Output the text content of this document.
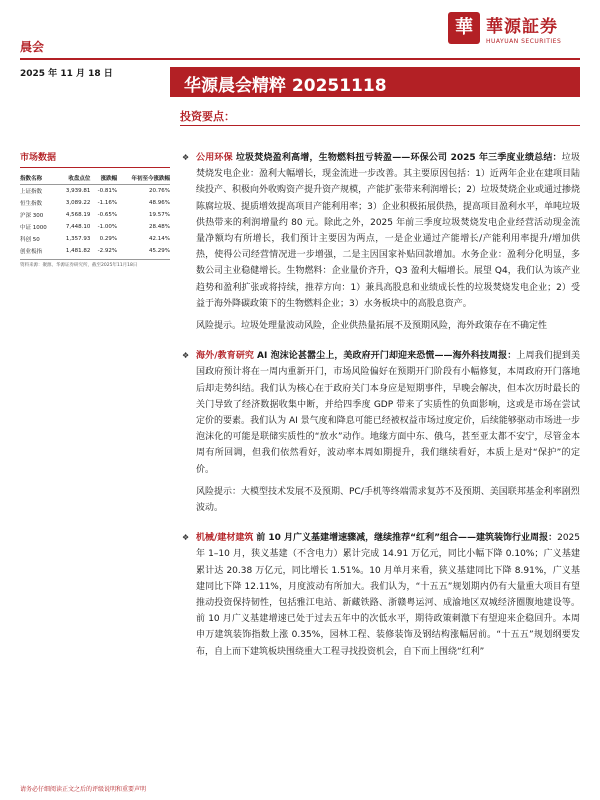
晨会
2025 年 11 月 18 日
華 華源証券
HUAYUAN SECURITIES
华源晨会精粹 20251118
投资要点：
市场数据
指数名称	收盘点位	涨跌幅	年初至今涨跌幅
上证指数	3,939.81	-0.81%	20.76%
恒生指数	3,089.22	-1.16%	48.96%
沪深 300	4,568.19	-0.65%	19.57%
中证 1000	7,448.10	-1.00%	28.48%
科创 50	1,357.93	0.29%	42.14%
创业板指	1,481.82	-2.92%	45.29%
资料来源：聚源、华源证券研究所，截至2025年11月18日
❖ 公用环保 垃圾焚烧盈利高增，生物燃料扭亏转盈——环保公司 2025 年三季度业绩总结：垃圾焚烧发电企业：盈利大幅增长，现金流进一步改善。其主要原因包括：1）近两年企业在建项目陆续投产、积极向外收购资产提升资产规模，产能扩张带来利润增长；2）垃圾焚烧企业或通过掺烧陈腐垃圾、提质增效提高项目产能利用率；3）企业积极拓展供热，提高项目盈利水平，单吨垃圾供热带来的利润增量约 80 元。除此之外，2025 年前三季度垃圾焚烧发电企业经营活动现金流量净额均有所增长，我们预计主要因为两点，一是企业通过产能增长/产能利用率提升/增加供热，使得公司经营情况进一步增强，二是主因国家补贴回款增加。水务企业：盈利分化明显，多数公司主业稳健增长。生物燃料：企业量价齐升，Q3 盈利大幅增长。展望 Q4，我们认为该产业趋势和盈利扩张或将持续，推荐方向：1）兼具高股息和业绩成长性的垃圾焚烧发电企业；2）受益于海外降碳政策下的生物燃料企业；3）水务板块中的高股息资产。

风险提示。垃圾处理量波动风险，企业供热量拓展不及预期风险，海外政策存在不确定性

❖ 海外/教育研究 AI 泡沫论甚嚣尘上，美政府开门却迎来恐慌——海外科技周报：上周我们提到美国政府预计将在一周内重新开门，市场风险偏好在预期开门阶段有小幅修复，本周政府开门落地后却走势纠结。我们认为核心在于政府关门本身应是短期事件，早晚会解决，但本次历时最长的关门导致了经济数据收集中断，并给四季度 GDP 带来了实质性的负面影响，这或是市场在尝试定价的要素。我们认为 AI 景气度和降息可能已经被权益市场过度定价，后续能够驱动市场进一步泡沫化的可能是联储实质性的“放水”动作。地缘方面中东、俄乌，甚至亚太都不安宁，尽管金本周有所回调，但我们依然看好，波动率本周如期提升，我们继续看好，本质上是对“保护”的定价。

风险提示：大模型技术发展不及预期、PC/手机等终端需求复苏不及预期、美国联邦基金利率剧烈波动。

❖ 机械/建材建筑 前 10 月广义基建增速骤减，继续推荐“红利”组合——建筑装饰行业周报：2025 年 1–10 月，狭义基建（不含电力）累计完成 14.91 万亿元，同比小幅下降 0.10%；广义基建累计达 20.38 万亿元，同比增长 1.51%。10 月单月来看，狭义基建同比下降 8.91%，广义基建同比下降 12.11%，月度波动有所加大。我们认为，“十五五”规划期内仍有大量重大项目有望推动投资保持韧性，包括雅江电站、新藏铁路、浙赣粤运河、成渝地区双城经济圈腹地建设等。前 10 月广义基建增速已处于过去五年中的次低水平，期待政策刺激下有望迎来企稳回升。本周申万建筑装饰指数上涨 0.35%，园林工程、装修装饰及钢结构涨幅居前。“十五五”规划纲要发布，自上而下建筑板块围绕重大工程寻找投资机会，自下而上围绕“红利”

请务必仔细阅读正文之后的评级说明和重要声明
